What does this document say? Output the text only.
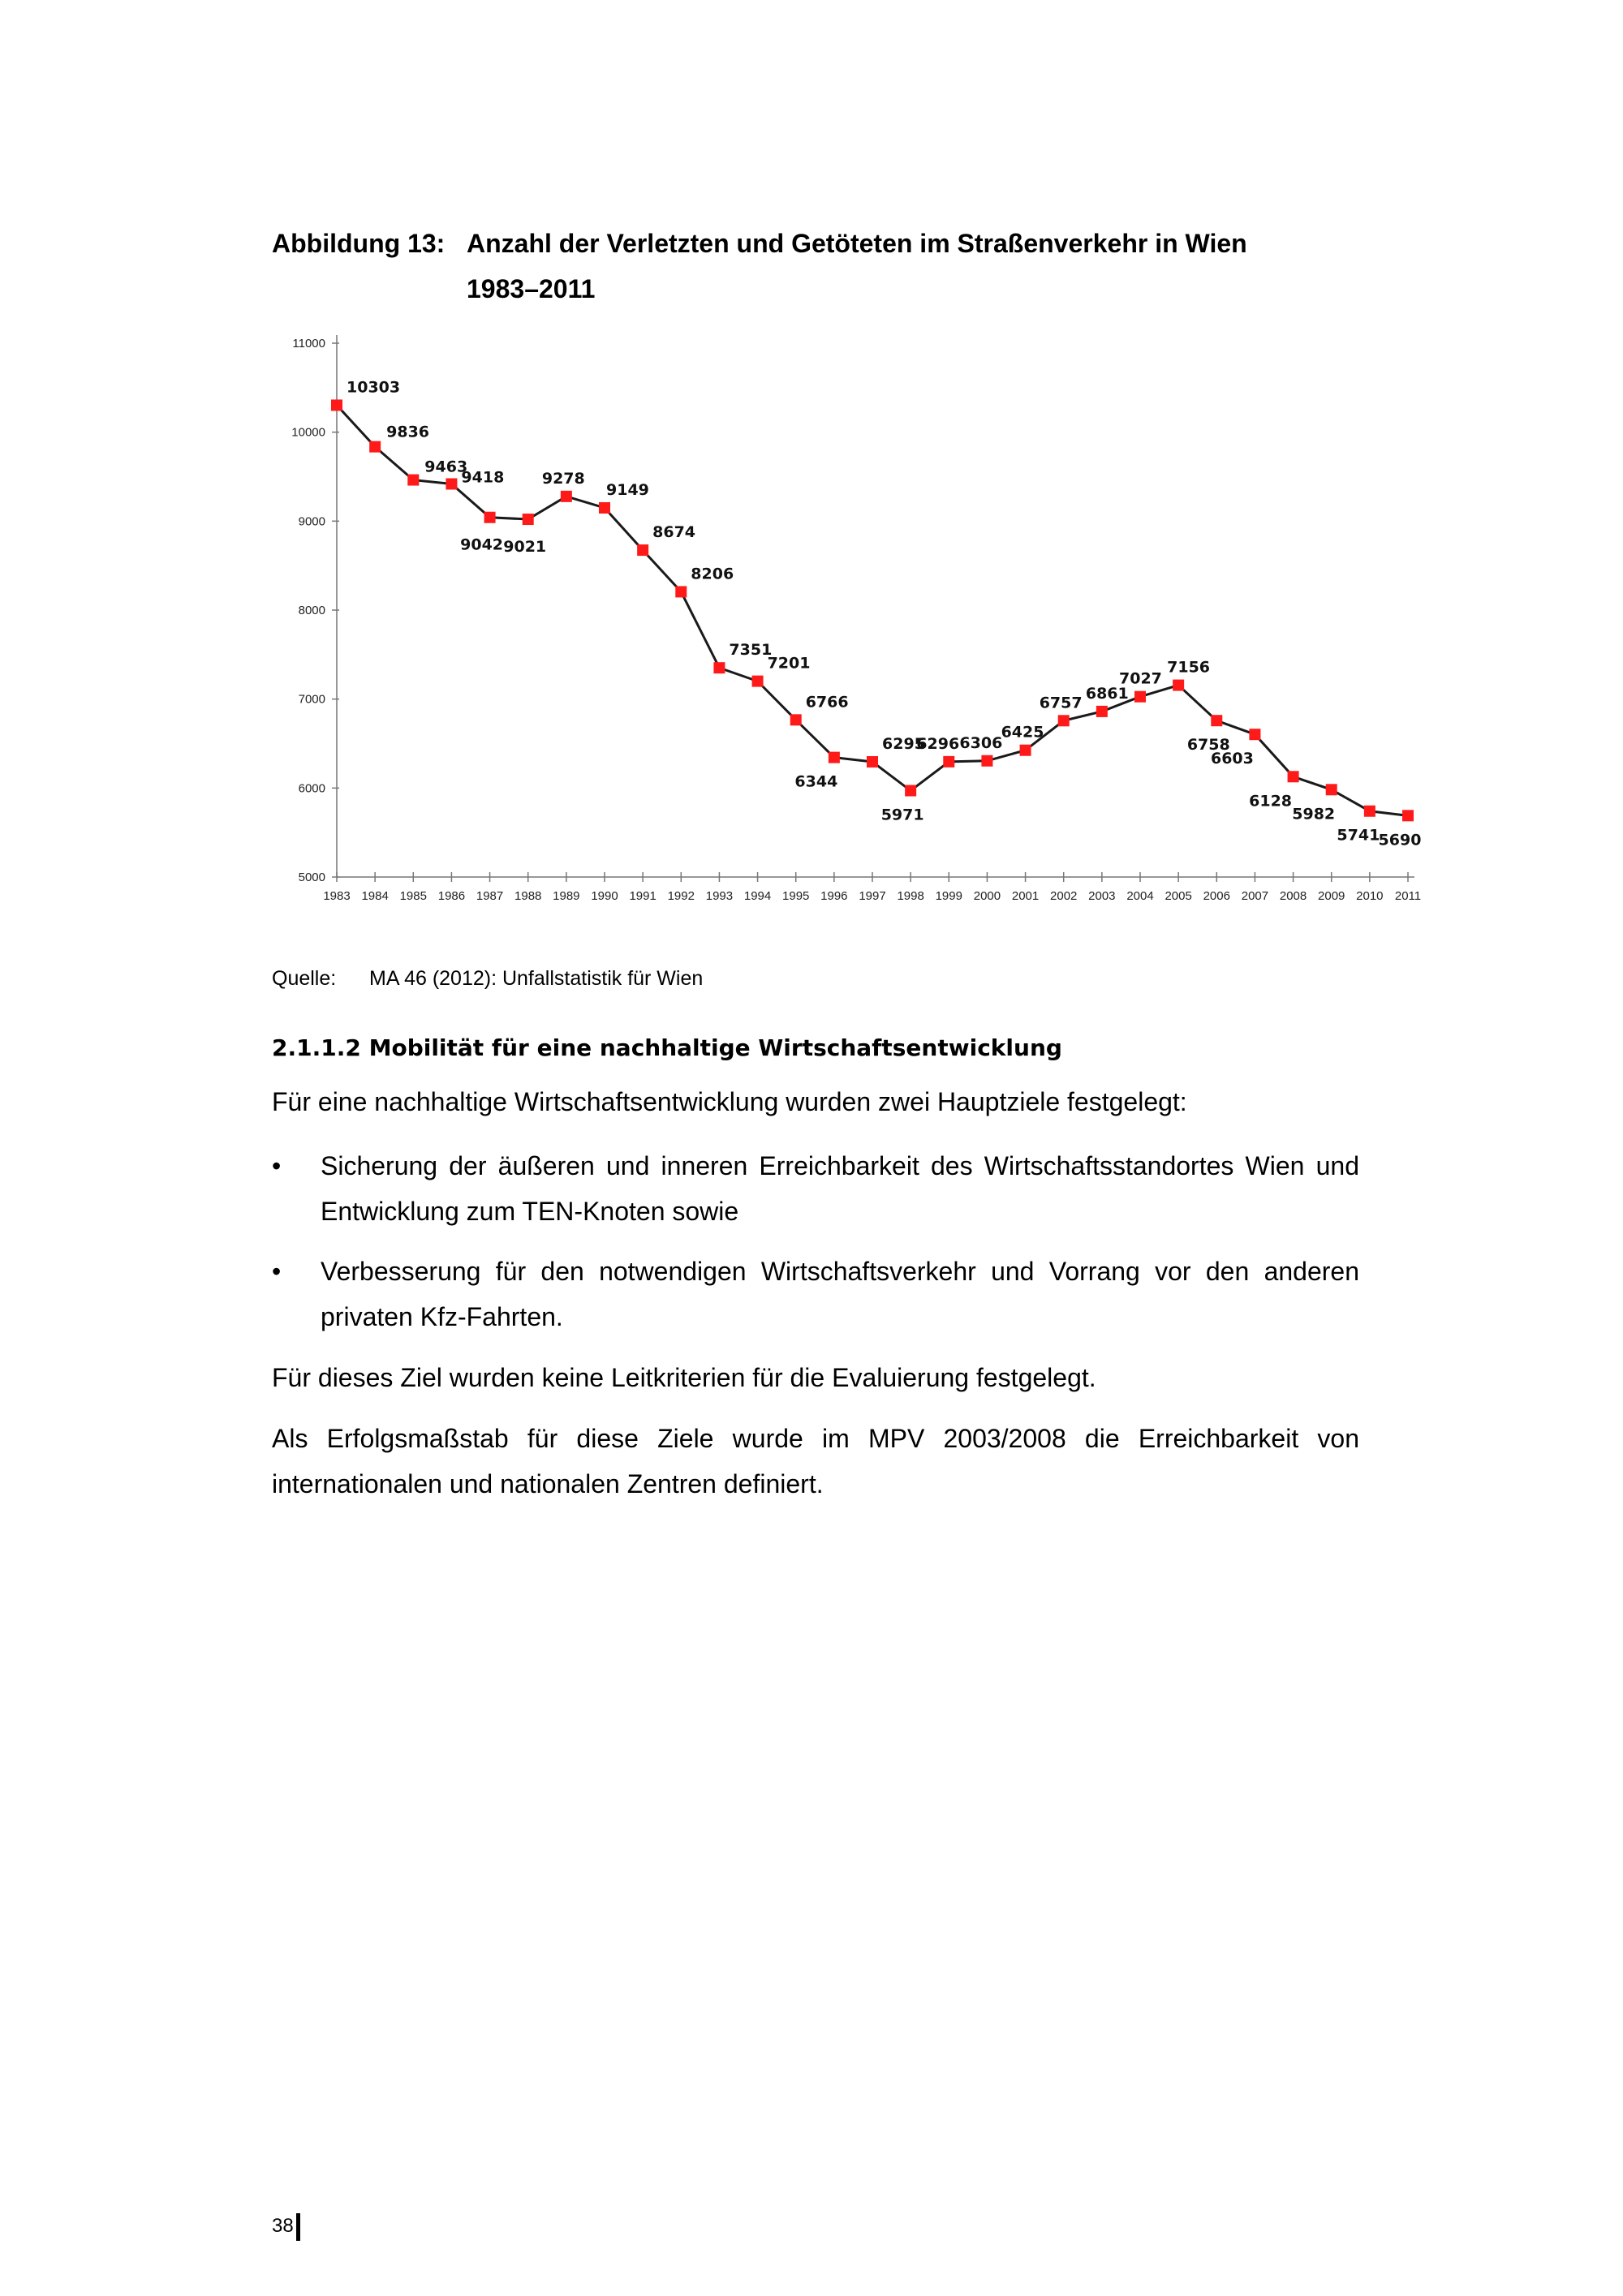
Abbildung 13: Anzahl der Verletzten und Getöteten im Straßenverkehr in Wien
1983–2011
5000
6000
7000
8000
9000
10000
11000
1983 1984 1985 1986 1987 1988 1989 1990 1991 1992 1993 1994 1995 1996 1997 1998 1999 2000 2001 2002 2003 2004 2005 2006 2007 2008 2009 2010 2011
10303
9836
9463
9418
9042 9021
9278
9149
8674
8206
7351
7201
6766
6344
6295
5971
6296 6306
6425
6757
6861
7027
7156
6758
6603
6128
5982
5741
5690
Quelle: MA 46 (2012): Unfallstatistik für Wien
2.1.1.2 Mobilität für eine nachhaltige Wirtschaftsentwicklung
Für eine nachhaltige Wirtschaftsentwicklung wurden zwei Hauptziele festgelegt:
• Sicherung der äußeren und inneren Erreichbarkeit des Wirtschaftsstandortes Wien und Entwicklung zum TEN-Knoten sowie
• Verbesserung für den notwendigen Wirtschaftsverkehr und Vorrang vor den anderen privaten Kfz-Fahrten.
Für dieses Ziel wurden keine Leitkriterien für die Evaluierung festgelegt.
Als Erfolgsmaßstab für diese Ziele wurde im MPV 2003/2008 die Erreichbarkeit von internationalen und nationalen Zentren definiert.
38
